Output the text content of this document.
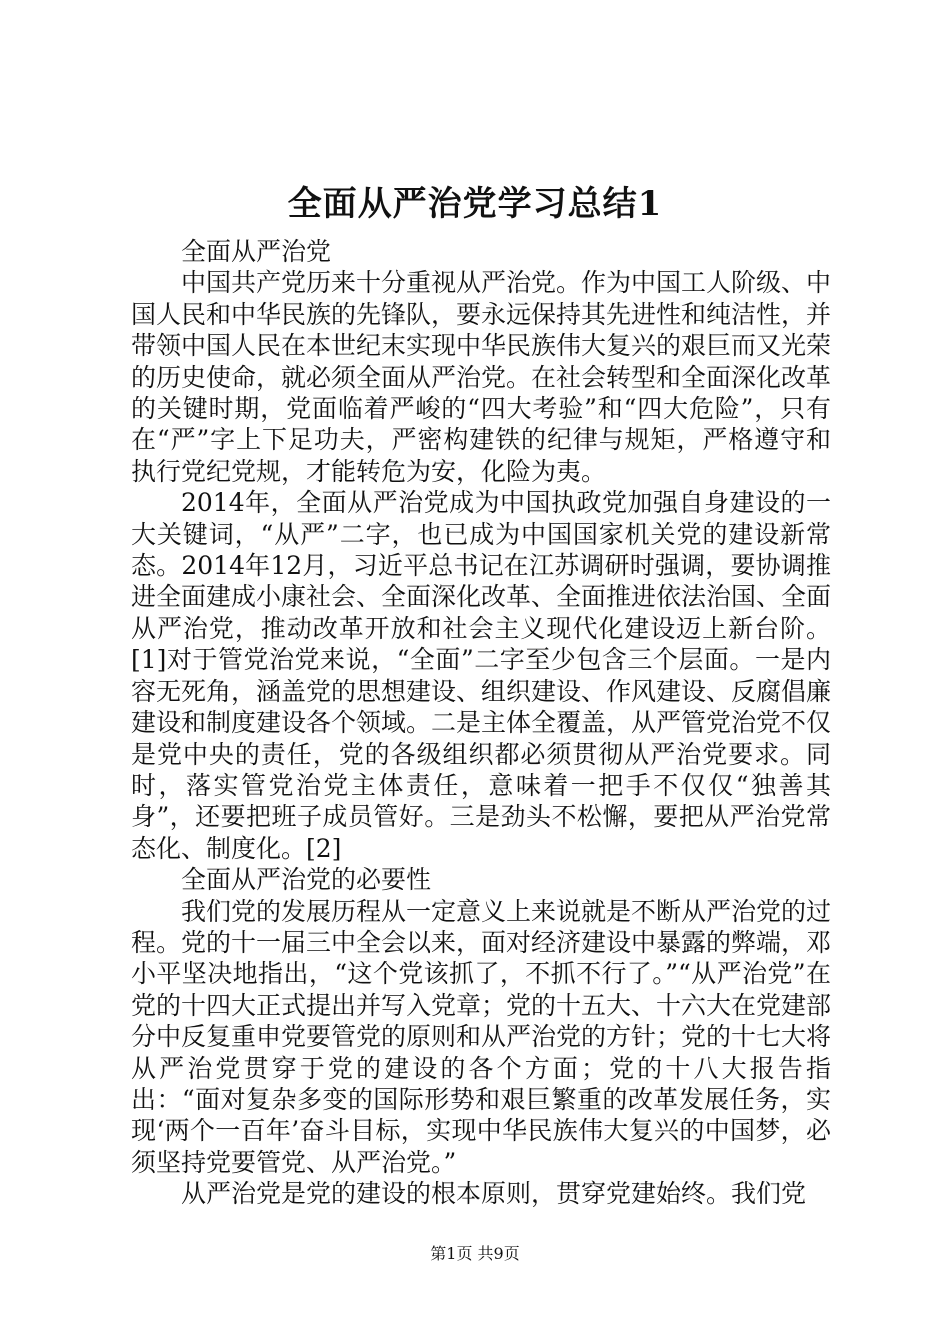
全面从严治党学习总结1

全面从严治党

中国共产党历来十分重视从严治党。作为中国工人阶级、中国人民和中华民族的先锋队，要永远保持其先进性和纯洁性，并带领中国人民在本世纪末实现中华民族伟大复兴的艰巨而又光荣的历史使命，就必须全面从严治党。在社会转型和全面深化改革的关键时期，党面临着严峻的“四大考验”和“四大危险”，只有在“严”字上下足功夫，严密构建铁的纪律与规矩，严格遵守和执行党纪党规，才能转危为安，化险为夷。

2014年，全面从严治党成为中国执政党加强自身建设的一大关键词，“从严”二字，也已成为中国国家机关党的建设新常态。2014年12月，习近平总书记在江苏调研时强调，要协调推进全面建成小康社会、全面深化改革、全面推进依法治国、全面从严治党，推动改革开放和社会主义现代化建设迈上新台阶。[1]对于管党治党来说，“全面”二字至少包含三个层面。一是内容无死角，涵盖党的思想建设、组织建设、作风建设、反腐倡廉建设和制度建设各个领域。二是主体全覆盖，从严管党治党不仅是党中央的责任，党的各级组织都必须贯彻从严治党要求。同时，落实管党治党主体责任，意味着一把手不仅仅“独善其身”，还要把班子成员管好。三是劲头不松懈，要把从严治党常态化、制度化。[2]

全面从严治党的必要性

我们党的发展历程从一定意义上来说就是不断从严治党的过程。党的十一届三中全会以来，面对经济建设中暴露的弊端，邓小平坚决地指出，“这个党该抓了，不抓不行了。”“从严治党”在党的十四大正式提出并写入党章；党的十五大、十六大在党建部分中反复重申党要管党的原则和从严治党的方针；党的十七大将从严治党贯穿于党的建设的各个方面；党的十八大报告指出：“面对复杂多变的国际形势和艰巨繁重的改革发展任务，实现‘两个一百年’奋斗目标，实现中华民族伟大复兴的中国梦，必须坚持党要管党、从严治党。”

从严治党是党的建设的根本原则，贯穿党建始终。我们党

第1页 共9页
